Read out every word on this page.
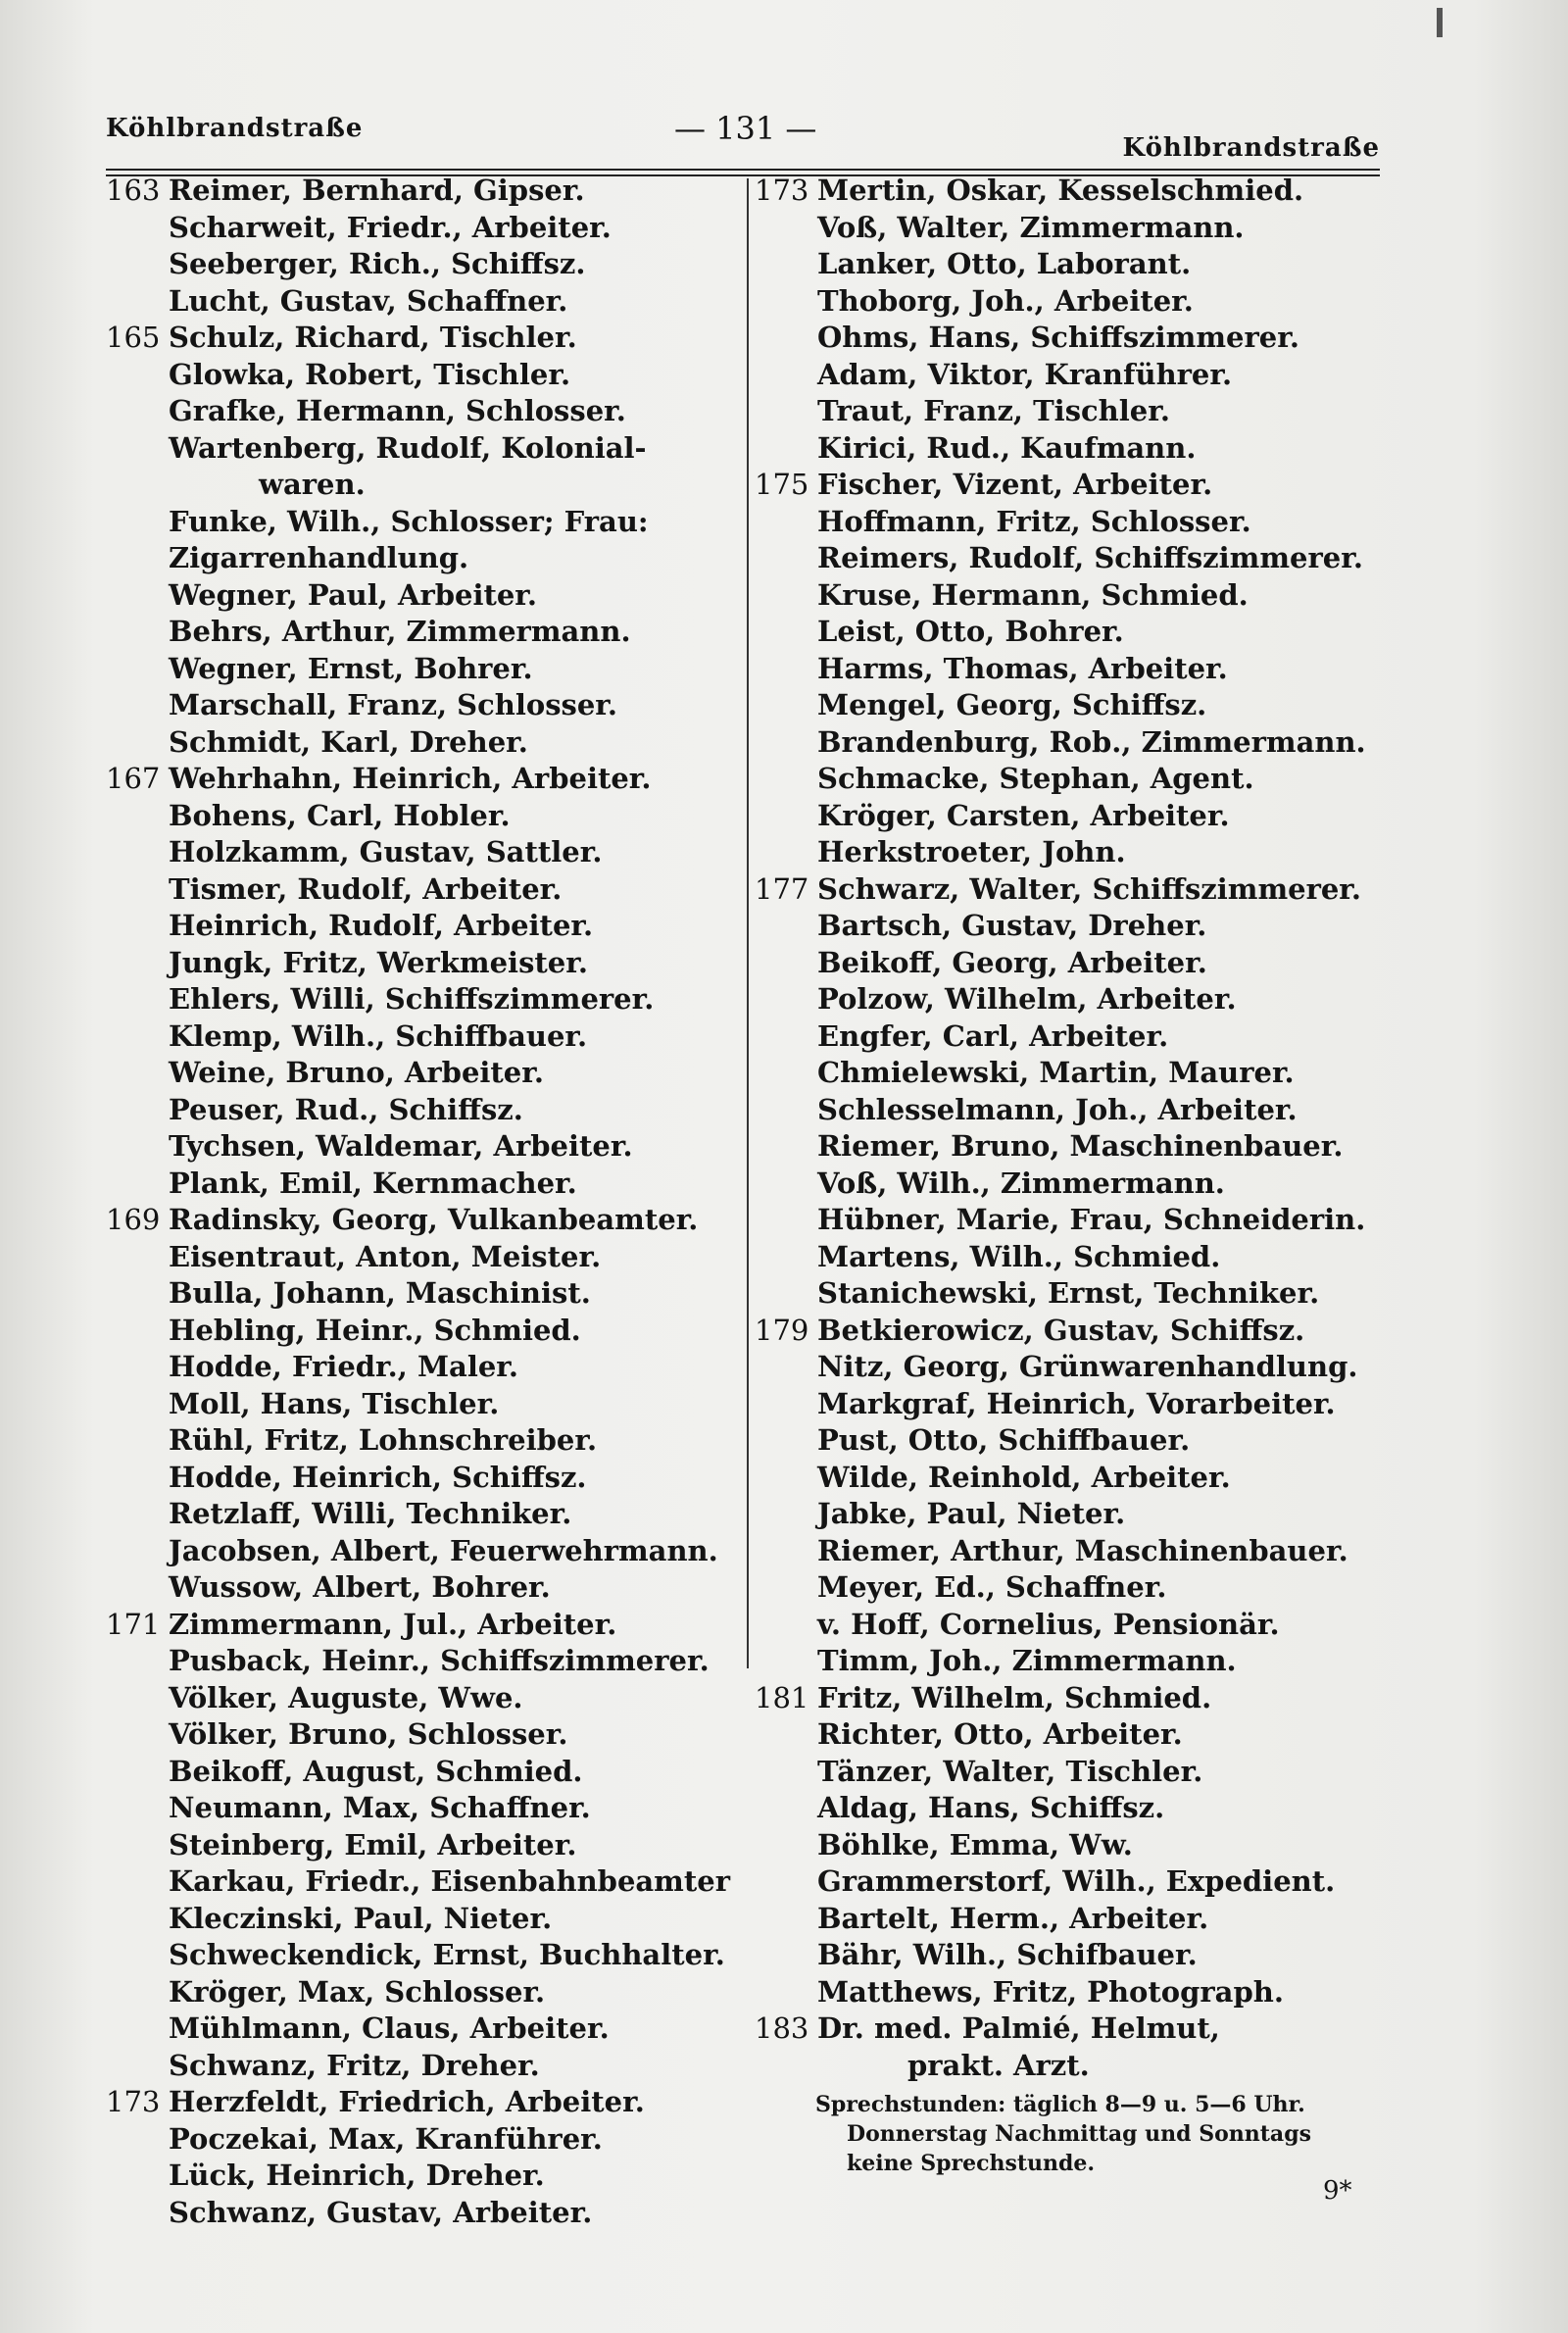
Köhlbrandstraße	— 131 —
Köhlbrandstraße
163 Reimer, Bernhard, Gipser.
Scharweit, Friedr., Arbeiter.
Seeberger, Rich., Schiffsz.
Lucht, Gustav, Schaffner.
165 Schulz, Richard, Tischler.
Glowka, Robert, Tischler.
Grafke, Hermann, Schlosser.
Wartenberg, Rudolf, Kolonial-
waren.
Funke, Wilh., Schlosser; Frau:
Zigarrenhandlung.
Wegner, Paul, Arbeiter.
Behrs, Arthur, Zimmermann.
Wegner, Ernst, Bohrer.
Marschall, Franz, Schlosser.
Schmidt, Karl, Dreher.
167 Wehrhahn, Heinrich, Arbeiter.
Bohens, Carl, Hobler.
Holzkamm, Gustav, Sattler.
Tismer, Rudolf, Arbeiter.
Heinrich, Rudolf, Arbeiter.
Jungk, Fritz, Werkmeister.
Ehlers, Willi, Schiffszimmerer.
Klemp, Wilh., Schiffbauer.
Weine, Bruno, Arbeiter.
Peuser, Rud., Schiffsz.
Tychsen, Waldemar, Arbeiter.
Plank, Emil, Kernmacher.
169 Radinsky, Georg, Vulkanbeamter.
Eisentraut, Anton, Meister.
Bulla, Johann, Maschinist.
Hebling, Heinr., Schmied.
Hodde, Friedr., Maler.
Moll, Hans, Tischler.
Rühl, Fritz, Lohnschreiber.
Hodde, Heinrich, Schiffsz.
Retzlaff, Willi, Techniker.
Jacobsen, Albert, Feuerwehrmann.
Wussow, Albert, Bohrer.
171 Zimmermann, Jul., Arbeiter.
Pusback, Heinr., Schiffszimmerer.
Völker, Auguste, Wwe.
Völker, Bruno, Schlosser.
Beikoff, August, Schmied.
Neumann, Max, Schaffner.
Steinberg, Emil, Arbeiter.
Karkau, Friedr., Eisenbahnbeamter
Kleczinski, Paul, Nieter.
Schweckendick, Ernst, Buchhalter.
Kröger, Max, Schlosser.
Mühlmann, Claus, Arbeiter.
Schwanz, Fritz, Dreher.
173 Herzfeldt, Friedrich, Arbeiter.
Poczekai, Max, Kranführer.
Lück, Heinrich, Dreher.
Schwanz, Gustav, Arbeiter.
173 Mertin, Oskar, Kesselschmied.
Voß, Walter, Zimmermann.
Lanker, Otto, Laborant.
Thoborg, Joh., Arbeiter.
Ohms, Hans, Schiffszimmerer.
Adam, Viktor, Kranführer.
Traut, Franz, Tischler.
Kirici, Rud., Kaufmann.
175 Fischer, Vizent, Arbeiter.
Hoffmann, Fritz, Schlosser.
Reimers, Rudolf, Schiffszimmerer.
Kruse, Hermann, Schmied.
Leist, Otto, Bohrer.
Harms, Thomas, Arbeiter.
Mengel, Georg, Schiffsz.
Brandenburg, Rob., Zimmermann.
Schmacke, Stephan, Agent.
Kröger, Carsten, Arbeiter.
Herkstroeter, John.
177 Schwarz, Walter, Schiffszimmerer.
Bartsch, Gustav, Dreher.
Beikoff, Georg, Arbeiter.
Polzow, Wilhelm, Arbeiter.
Engfer, Carl, Arbeiter.
Chmielewski, Martin, Maurer.
Schlesselmann, Joh., Arbeiter.
Riemer, Bruno, Maschinenbauer.
Voß, Wilh., Zimmermann.
Hübner, Marie, Frau, Schneiderin.
Martens, Wilh., Schmied.
Stanichewski, Ernst, Techniker.
179 Betkierowicz, Gustav, Schiffsz.
Nitz, Georg, Grünwarenhandlung.
Markgraf, Heinrich, Vorarbeiter.
Pust, Otto, Schiffbauer.
Wilde, Reinhold, Arbeiter.
Jabke, Paul, Nieter.
Riemer, Arthur, Maschinenbauer.
Meyer, Ed., Schaffner.
v. Hoff, Cornelius, Pensionär.
Timm, Joh., Zimmermann.
181 Fritz, Wilhelm, Schmied.
Richter, Otto, Arbeiter.
Tänzer, Walter, Tischler.
Aldag, Hans, Schiffsz.
Böhlke, Emma, Ww.
Grammerstorf, Wilh., Expedient.
Bartelt, Herm., Arbeiter.
Bähr, Wilh., Schifbauer.
Matthews, Fritz, Photograph.
183 Dr. med. Palmié, Helmut,
prakt. Arzt.
Sprechstunden: täglich 8—9 u. 5—6 Uhr.
Donnerstag Nachmittag und Sonntags
keine Sprechstunde.
9*
